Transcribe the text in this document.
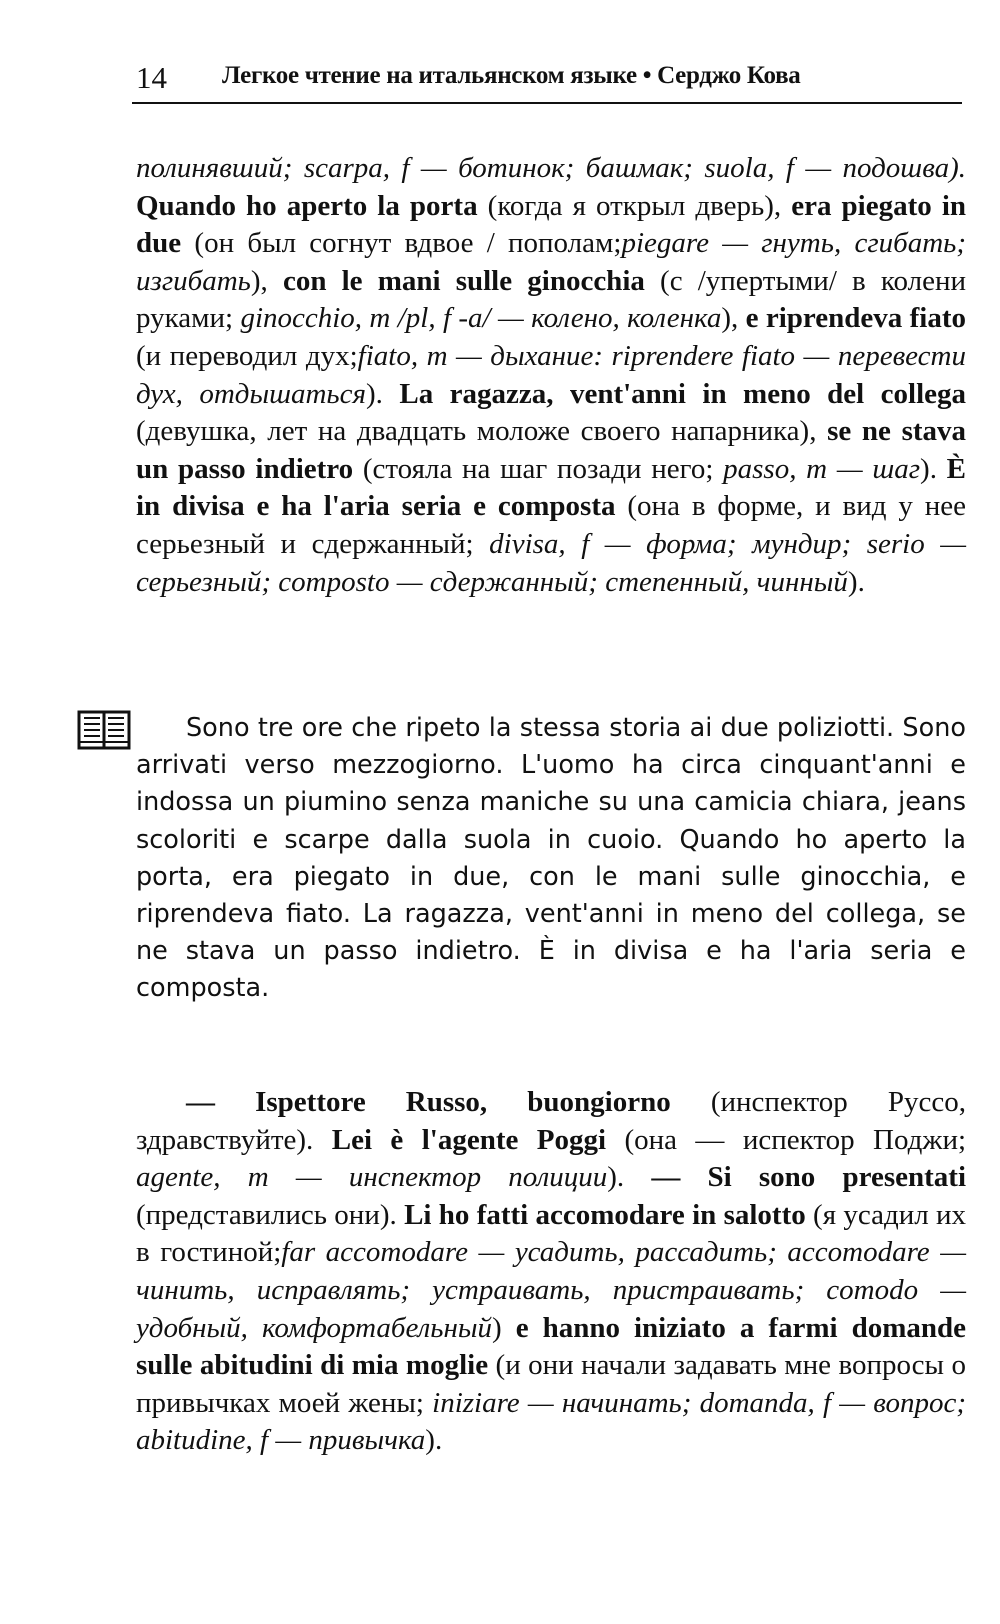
14 Легкое чтение на итальянском языке • Серджо Кова
полинявший; scarpa, f — ботинок; башмак; suola, f — подошва). Quando ho aperto la porta (когда я открыл дверь), era piegato in due (он был согнут вдвое / пополам;piegare — гнуть, сгибать; изгибать), con le mani sulle ginocchia (с /упертыми/ в колени руками; ginocchio, m /pl, f -a/ — колено, коленка), e riprendeva fiato (и переводил дух;fiato, m — дыхание: riprendere fiato — перевести дух, отдышаться). La ragazza, vent'anni in meno del collega (девушка, лет на двадцать моложе своего напарника), se ne stava un passo indietro (стояла на шаг позади него; passo, m — шаг). È in divisa e ha l'aria seria e composta (она в форме, и вид у нее серьезный и сдержанный; divisa, f — форма; мундир; serio — серьезный; composto — сдержанный; степенный, чинный).
Sono tre ore che ripeto la stessa storia ai due poliziotti. Sono arrivati verso mezzogiorno. L'uomo ha circa cinquant'anni e indossa un piumino senza maniche su una camicia chiara, jeans scoloriti e scarpe dalla suola in cuoio. Quando ho aperto la porta, era piegato in due, con le mani sulle ginocchia, e riprendeva fiato. La ragazza, vent'anni in meno del collega, se ne stava un passo indietro. È in divisa e ha l'aria seria e composta.
— Ispettore Russo, buongiorno (инспектор Руссо, здравствуйте). Lei è l'agente Poggi (она — испектор Поджи; agente, m — инспектор полиции). — Si sono presentati (представились они). Li ho fatti accomodare in salotto (я усадил их в гостиной;far accomodare — усадить, рассадить; accomodare — чинить, исправлять; устраивать, пристраивать; comodo — удобный, комфортабельный) e hanno iniziato a farmi domande sulle abitudini di mia moglie (и они начали задавать мне вопросы о привычках моей жены; iniziare — начинать; domanda, f — вопрос; abitudine, f — привычка).
